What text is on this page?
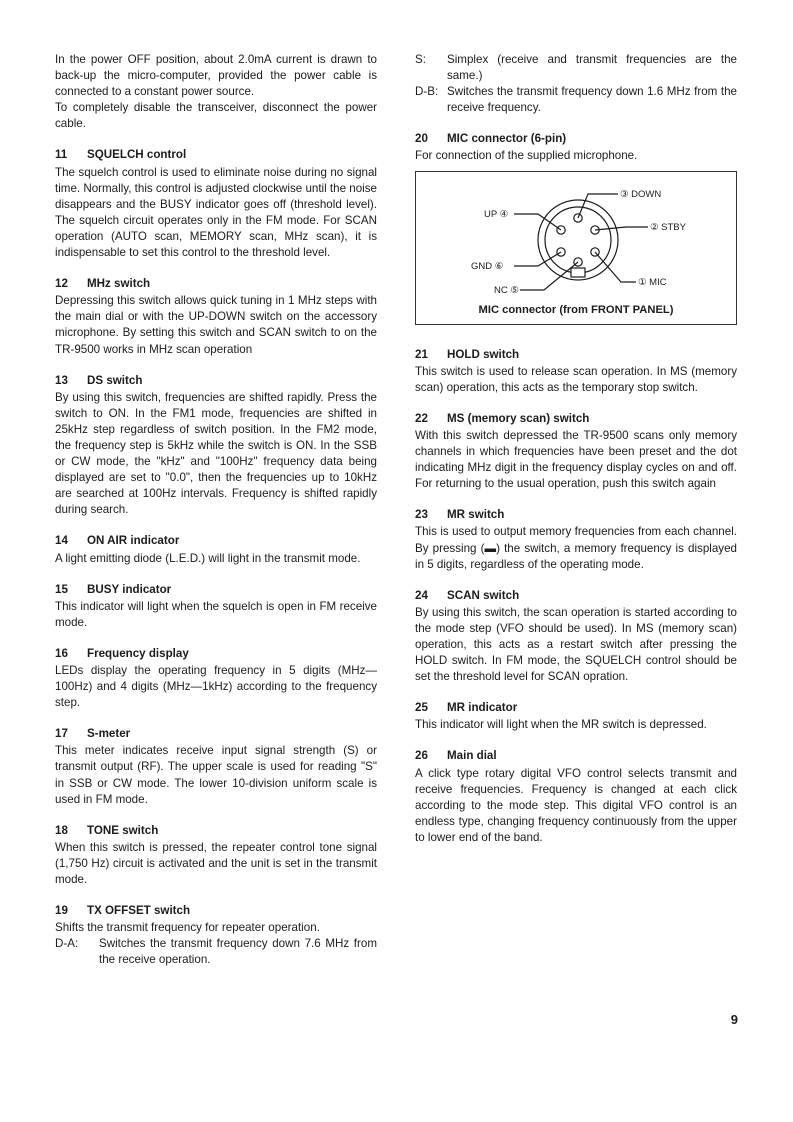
In the power OFF position, about 2.0mA current is drawn to back-up the micro-computer, provided the power cable is connected to a constant power source.

To completely disable the transceiver, disconnect the power cable.

11 SQUELCH control

The squelch control is used to eliminate noise during no signal time. Normally, this control is adjusted clockwise until the noise disappears and the BUSY indicator goes off (threshold level). The squelch circuit operates only in the FM mode. For SCAN operation (AUTO scan, MEMORY scan, MHz scan), it is indispensable to set this control to the threshold level.

12 MHz switch

Depressing this switch allows quick tuning in 1 MHz steps with the main dial or with the UP-DOWN switch on the accessory microphone. By setting this switch and SCAN switch to on the TR-9500 works in MHz scan operation

13 DS switch

By using this switch, frequencies are shifted rapidly. Press the switch to ON. In the FM1 mode, frequencies are shifted in 25kHz step regardless of switch position. In the FM2 mode, the frequency step is 5kHz while the switch is ON. In the SSB or CW mode, the "kHz" and "100Hz" frequency data being displayed are set to "0.0", then the frequencies up to 10kHz are searched at 100Hz intervals. Frequency is shifted rapidly during search.

14 ON AIR indicator

A light emitting diode (L.E.D.) will light in the transmit mode.

15 BUSY indicator

This indicator will light when the squelch is open in FM receive mode.

16 Frequency display

LEDs display the operating frequency in 5 digits (MHz—100Hz) and 4 digits (MHz—1kHz) according to the frequency step.

17 S-meter

This meter indicates receive input signal strength (S) or transmit output (RF). The upper scale is used for reading "S" in SSB or CW mode. The lower 10-division uniform scale is used in FM mode.

18 TONE switch

When this switch is pressed, the repeater control tone signal (1,750 Hz) circuit is activated and the unit is set in the transmit mode.

19 TX OFFSET switch

Shifts the transmit frequency for repeater operation.

D-A:	Switches the transmit frequency down 7.6 MHz from the receive operation.
S:	Simplex (receive and transmit frequencies are the same.)
D-B: Switches the transmit frequency down 1.6 MHz from the receive frequency.
20 MIC connector (6-pin)

For connection of the supplied microphone.

③ DOWN
UP ④
② STBY
GND ⑥
① MIC
NC ⑤
MIC connector (from FRONT PANEL)
21 HOLD switch

This switch is used to release scan operation. In MS (memory scan) operation, this acts as the temporary stop switch.

22 MS (memory scan) switch

With this switch depressed the TR-9500 scans only memory channels in which frequencies have been preset and the dot indicating MHz digit in the frequency display cycles on and off. For returning to the usual operation, push this switch again

23 MR switch

This is used to output memory frequencies from each channel. By pressing (▬) the switch, a memory frequency is displayed in 5 digits, regardless of the operating mode.

24 SCAN switch

By using this switch, the scan operation is started according to the mode step (VFO should be used). In MS (memory scan) operation, this acts as a restart switch after pressing the HOLD switch. In FM mode, the SQUELCH control should be set the threshold level for SCAN opration.

25 MR indicator

This indicator will light when the MR switch is depressed.

26 Main dial

A click type rotary digital VFO control selects transmit and receive frequencies. Frequency is changed at each click according to the mode step. This digital VFO control is an endless type, changing frequency continuously from the upper to lower end of the band.

9
